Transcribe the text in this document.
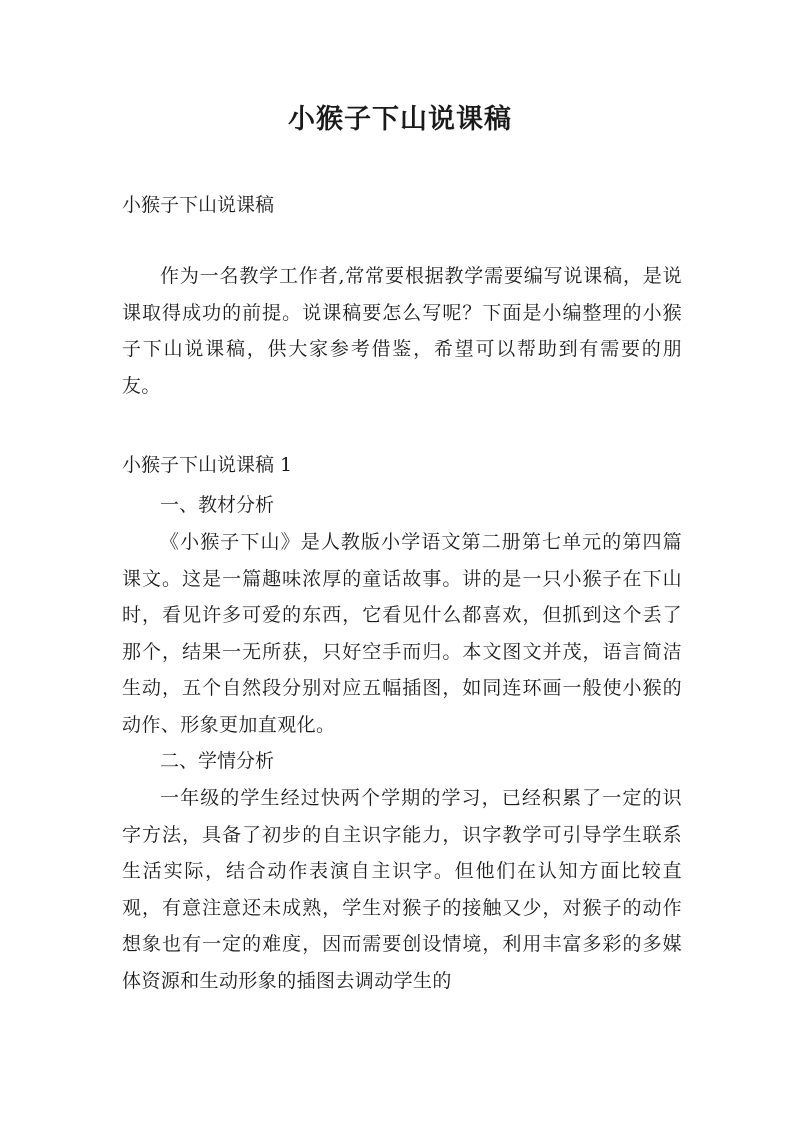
小猴子下山说课稿
小猴子下山说课稿
作为一名教学工作者,常常要根据教学需要编写说课稿，是说课取得成功的前提。说课稿要怎么写呢？下面是小编整理的小猴子下山说课稿，供大家参考借鉴，希望可以帮助到有需要的朋友。
小猴子下山说课稿 1
一、教材分析
《小猴子下山》是人教版小学语文第二册第七单元的第四篇课文。这是一篇趣味浓厚的童话故事。讲的是一只小猴子在下山时，看见许多可爱的东西，它看见什么都喜欢，但抓到这个丢了那个，结果一无所获，只好空手而归。本文图文并茂，语言简洁生动，五个自然段分别对应五幅插图，如同连环画一般使小猴的动作、形象更加直观化。
二、学情分析
一年级的学生经过快两个学期的学习，已经积累了一定的识字方法，具备了初步的自主识字能力，识字教学可引导学生联系生活实际，结合动作表演自主识字。但他们在认知方面比较直观，有意注意还未成熟，学生对猴子的接触又少，对猴子的动作想象也有一定的难度，因而需要创设情境，利用丰富多彩的多媒体资源和生动形象的插图去调动学生的
